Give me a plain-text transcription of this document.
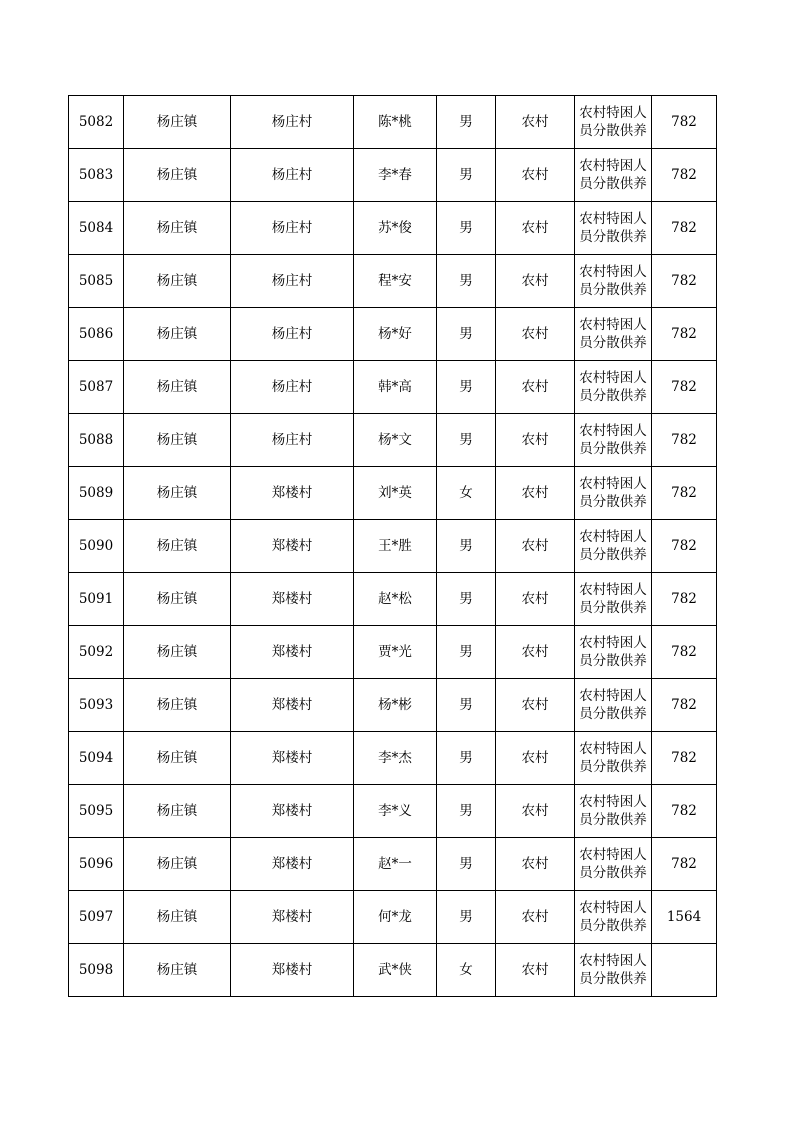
5082	杨庄镇	杨庄村	陈*桃	男	农村	农村特困人员分散供养	782
5083	杨庄镇	杨庄村	李*春	男	农村	农村特困人员分散供养	782
5084	杨庄镇	杨庄村	苏*俊	男	农村	农村特困人员分散供养	782
5085	杨庄镇	杨庄村	程*安	男	农村	农村特困人员分散供养	782
5086	杨庄镇	杨庄村	杨*好	男	农村	农村特困人员分散供养	782
5087	杨庄镇	杨庄村	韩*高	男	农村	农村特困人员分散供养	782
5088	杨庄镇	杨庄村	杨*文	男	农村	农村特困人员分散供养	782
5089	杨庄镇	郑楼村	刘*英	女	农村	农村特困人员分散供养	782
5090	杨庄镇	郑楼村	王*胜	男	农村	农村特困人员分散供养	782
5091	杨庄镇	郑楼村	赵*松	男	农村	农村特困人员分散供养	782
5092	杨庄镇	郑楼村	贾*光	男	农村	农村特困人员分散供养	782
5093	杨庄镇	郑楼村	杨*彬	男	农村	农村特困人员分散供养	782
5094	杨庄镇	郑楼村	李*杰	男	农村	农村特困人员分散供养	782
5095	杨庄镇	郑楼村	李*义	男	农村	农村特困人员分散供养	782
5096	杨庄镇	郑楼村	赵*一	男	农村	农村特困人员分散供养	782
5097	杨庄镇	郑楼村	何*龙	男	农村	农村特困人员分散供养	1564
5098	杨庄镇	郑楼村	武*侠	女	农村	农村特困人员分散供养	
